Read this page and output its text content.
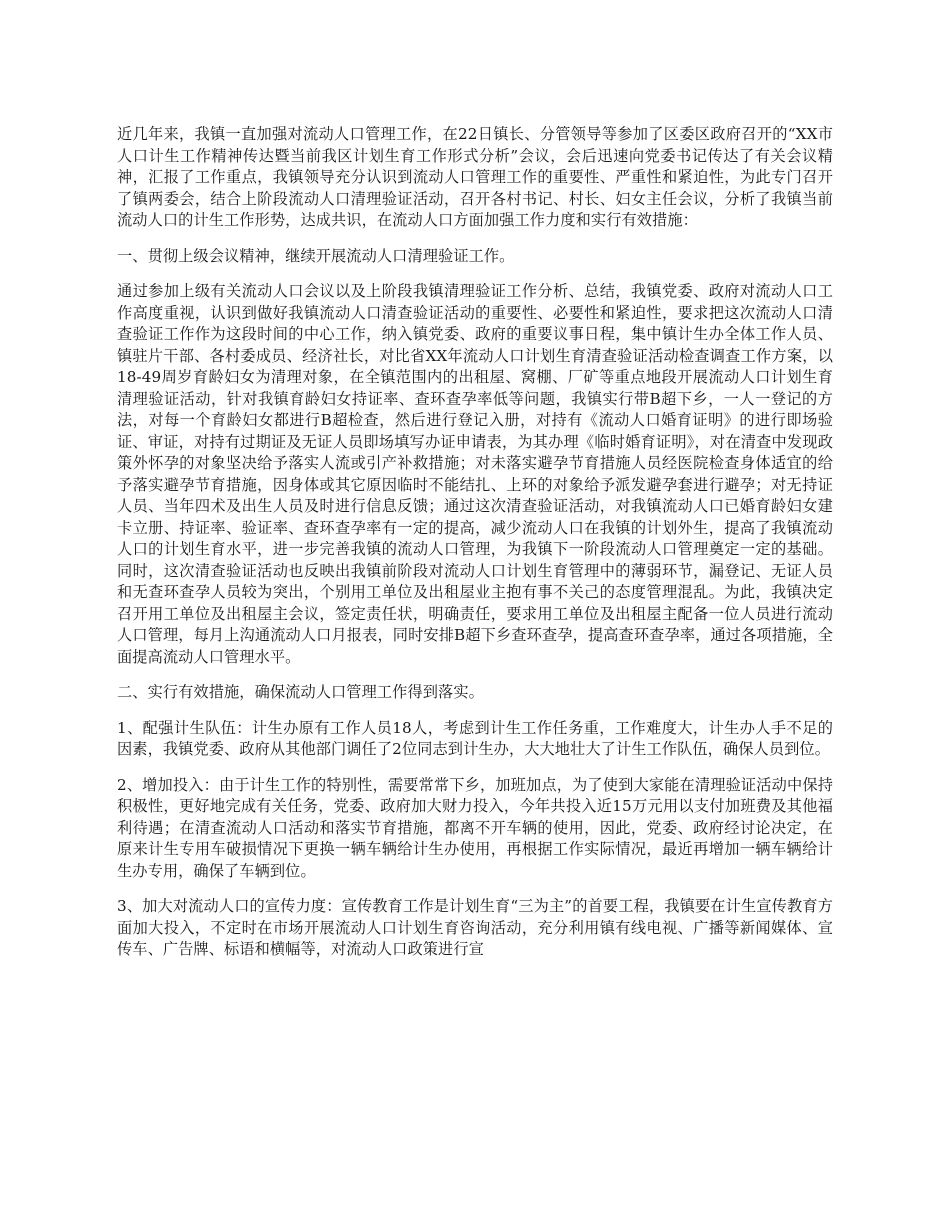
近几年来，我镇一直加强对流动人口管理工作，在22日镇长、分管领导等参加了区委区政府召开的“XX市人口计生工作精神传达暨当前我区计划生育工作形式分析”会议，会后迅速向党委书记传达了有关会议精神，汇报了工作重点，我镇领导充分认识到流动人口管理工作的重要性、严重性和紧迫性，为此专门召开了镇两委会，结合上阶段流动人口清理验证活动，召开各村书记、村长、妇女主任会议，分析了我镇当前流动人口的计生工作形势，达成共识，在流动人口方面加强工作力度和实行有效措施：

一、贯彻上级会议精神，继续开展流动人口清理验证工作。

通过参加上级有关流动人口会议以及上阶段我镇清理验证工作分析、总结，我镇党委、政府对流动人口工作高度重视，认识到做好我镇流动人口清查验证活动的重要性、必要性和紧迫性，要求把这次流动人口清查验证工作作为这段时间的中心工作，纳入镇党委、政府的重要议事日程，集中镇计生办全体工作人员、镇驻片干部、各村委成员、经济社长，对比省XX年流动人口计划生育清查验证活动检查调查工作方案，以18-49周岁育龄妇女为清理对象，在全镇范围内的出租屋、窝棚、厂矿等重点地段开展流动人口计划生育清理验证活动，针对我镇育龄妇女持证率、查环查孕率低等问题，我镇实行带B超下乡，一人一登记的方法，对每一个育龄妇女都进行B超检查，然后进行登记入册，对持有《流动人口婚育证明》的进行即场验证、审证，对持有过期证及无证人员即场填写办证申请表，为其办理《临时婚育证明》，对在清查中发现政策外怀孕的对象坚决给予落实人流或引产补救措施；对未落实避孕节育措施人员经医院检查身体适宜的给予落实避孕节育措施，因身体或其它原因临时不能结扎、上环的对象给予派发避孕套进行避孕；对无持证人员、当年四术及出生人员及时进行信息反馈；通过这次清查验证活动，对我镇流动人口已婚育龄妇女建卡立册、持证率、验证率、查环查孕率有一定的提高，减少流动人口在我镇的计划外生，提高了我镇流动人口的计划生育水平，进一步完善我镇的流动人口管理，为我镇下一阶段流动人口管理奠定一定的基础。同时，这次清查验证活动也反映出我镇前阶段对流动人口计划生育管理中的薄弱环节，漏登记、无证人员和无查环查孕人员较为突出，个别用工单位及出租屋业主抱有事不关己的态度管理混乱。为此，我镇决定召开用工单位及出租屋主会议，签定责任状，明确责任，要求用工单位及出租屋主配备一位人员进行流动人口管理，每月上沟通流动人口月报表，同时安排B超下乡查环查孕，提高查环查孕率，通过各项措施，全面提高流动人口管理水平。

二、实行有效措施，确保流动人口管理工作得到落实。

1、配强计生队伍：计生办原有工作人员18人，考虑到计生工作任务重，工作难度大，计生办人手不足的因素，我镇党委、政府从其他部门调任了2位同志到计生办，大大地壮大了计生工作队伍，确保人员到位。

2、增加投入：由于计生工作的特别性，需要常常下乡，加班加点，为了使到大家能在清理验证活动中保持积极性，更好地完成有关任务，党委、政府加大财力投入，今年共投入近15万元用以支付加班费及其他福利待遇；在清查流动人口活动和落实节育措施，都离不开车辆的使用，因此，党委、政府经讨论决定，在原来计生专用车破损情况下更换一辆车辆给计生办使用，再根据工作实际情况，最近再增加一辆车辆给计生办专用，确保了车辆到位。

3、加大对流动人口的宣传力度：宣传教育工作是计划生育“三为主”的首要工程，我镇要在计生宣传教育方面加大投入，不定时在市场开展流动人口计划生育咨询活动，充分利用镇有线电视、广播等新闻媒体、宣传车、广告牌、标语和横幅等，对流动人口政策进行宣
